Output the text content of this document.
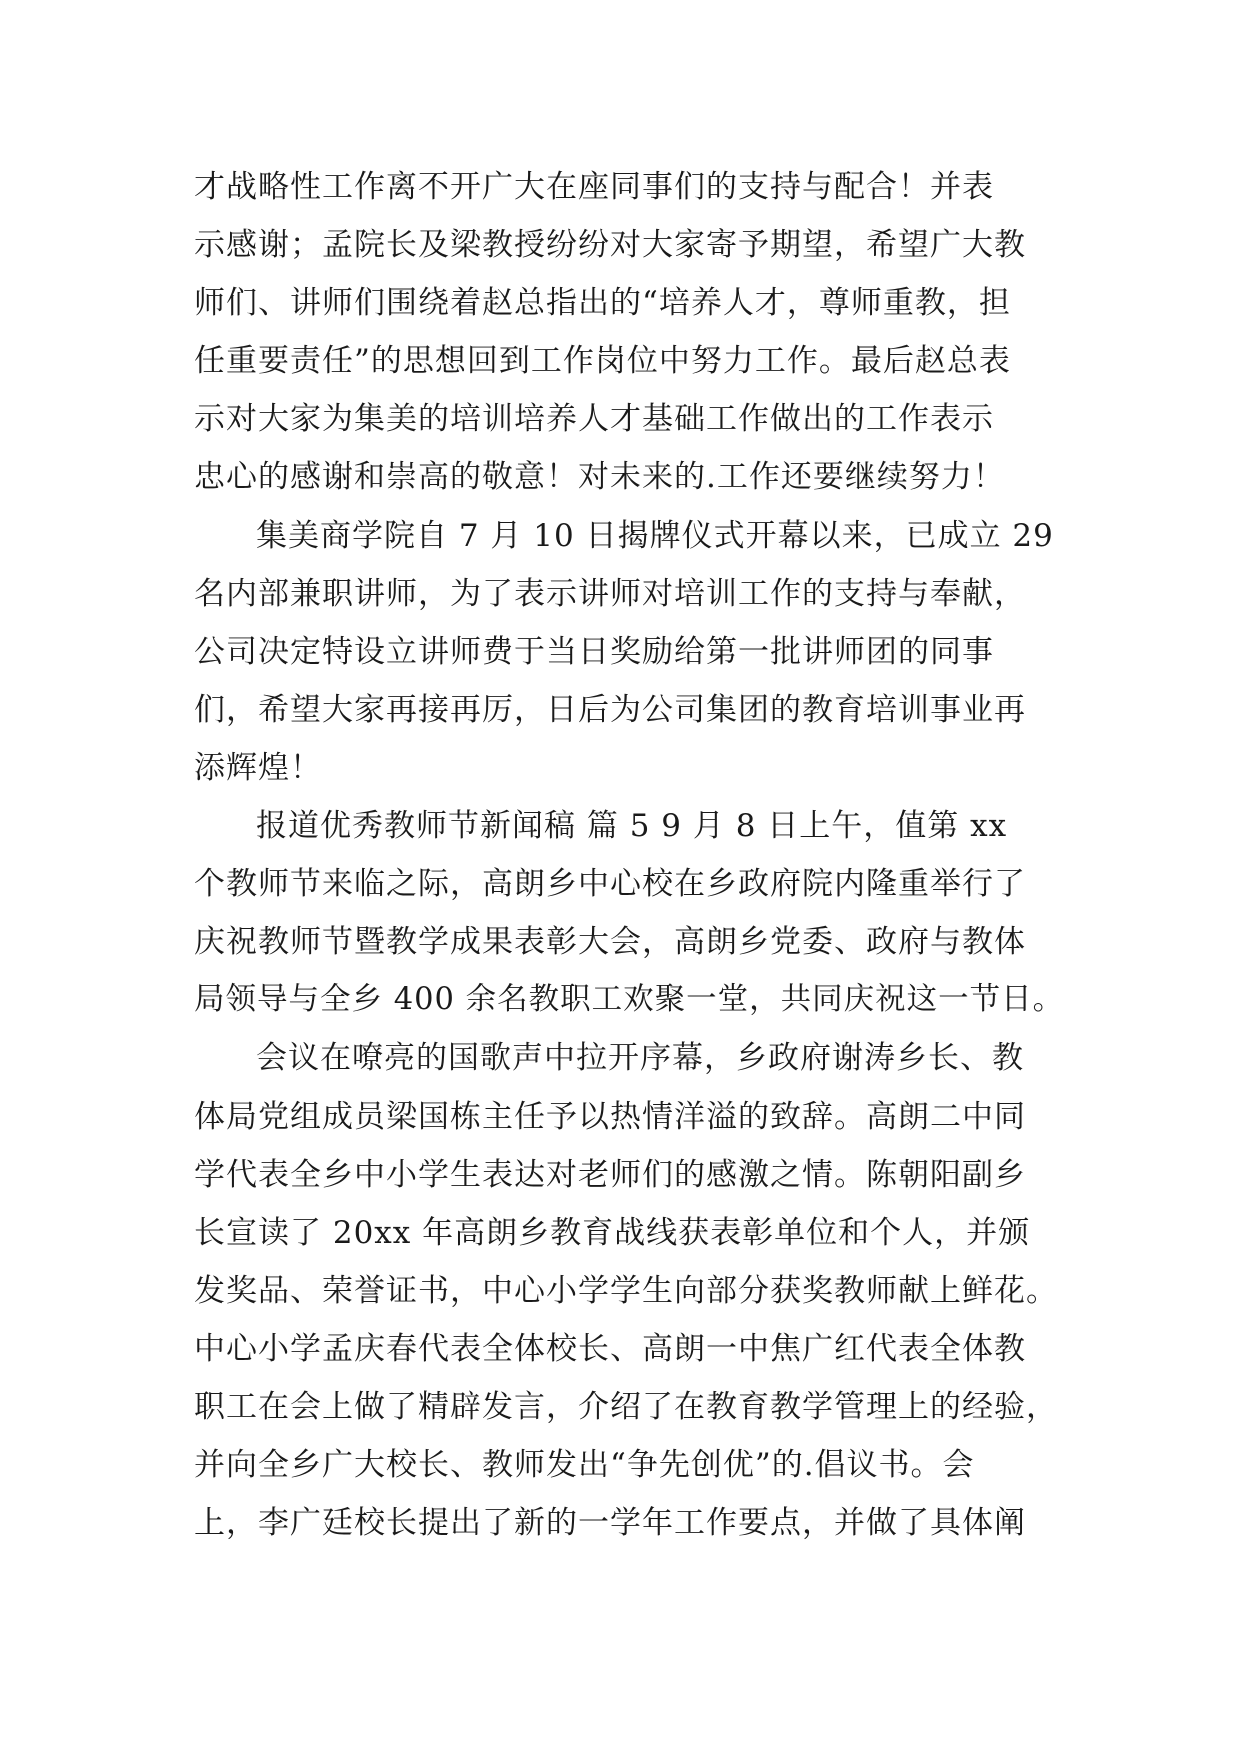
才战略性工作离不开广大在座同事们的支持与配合！并表
示感谢；孟院长及梁教授纷纷对大家寄予期望，希望广大教
师们、讲师们围绕着赵总指出的“培养人才，尊师重教，担
任重要责任”的思想回到工作岗位中努力工作。最后赵总表
示对大家为集美的培训培养人才基础工作做出的工作表示
忠心的感谢和崇高的敬意！对未来的.工作还要继续努力！
集美商学院自 7 月 10 日揭牌仪式开幕以来，已成立 29
名内部兼职讲师，为了表示讲师对培训工作的支持与奉献，
公司决定特设立讲师费于当日奖励给第一批讲师团的同事
们，希望大家再接再厉，日后为公司集团的教育培训事业再
添辉煌！
报道优秀教师节新闻稿 篇 5 9 月 8 日上午，值第 xx
个教师节来临之际，高朗乡中心校在乡政府院内隆重举行了
庆祝教师节暨教学成果表彰大会，高朗乡党委、政府与教体
局领导与全乡 400 余名教职工欢聚一堂，共同庆祝这一节日。
会议在嘹亮的国歌声中拉开序幕，乡政府谢涛乡长、教
体局党组成员梁国栋主任予以热情洋溢的致辞。高朗二中同
学代表全乡中小学生表达对老师们的感激之情。陈朝阳副乡
长宣读了 20xx 年高朗乡教育战线获表彰单位和个人，并颁
发奖品、荣誉证书，中心小学学生向部分获奖教师献上鲜花。
中心小学孟庆春代表全体校长、高朗一中焦广红代表全体教
职工在会上做了精辟发言，介绍了在教育教学管理上的经验，
并向全乡广大校长、教师发出“争先创优”的.倡议书。会
上，李广廷校长提出了新的一学年工作要点，并做了具体阐
